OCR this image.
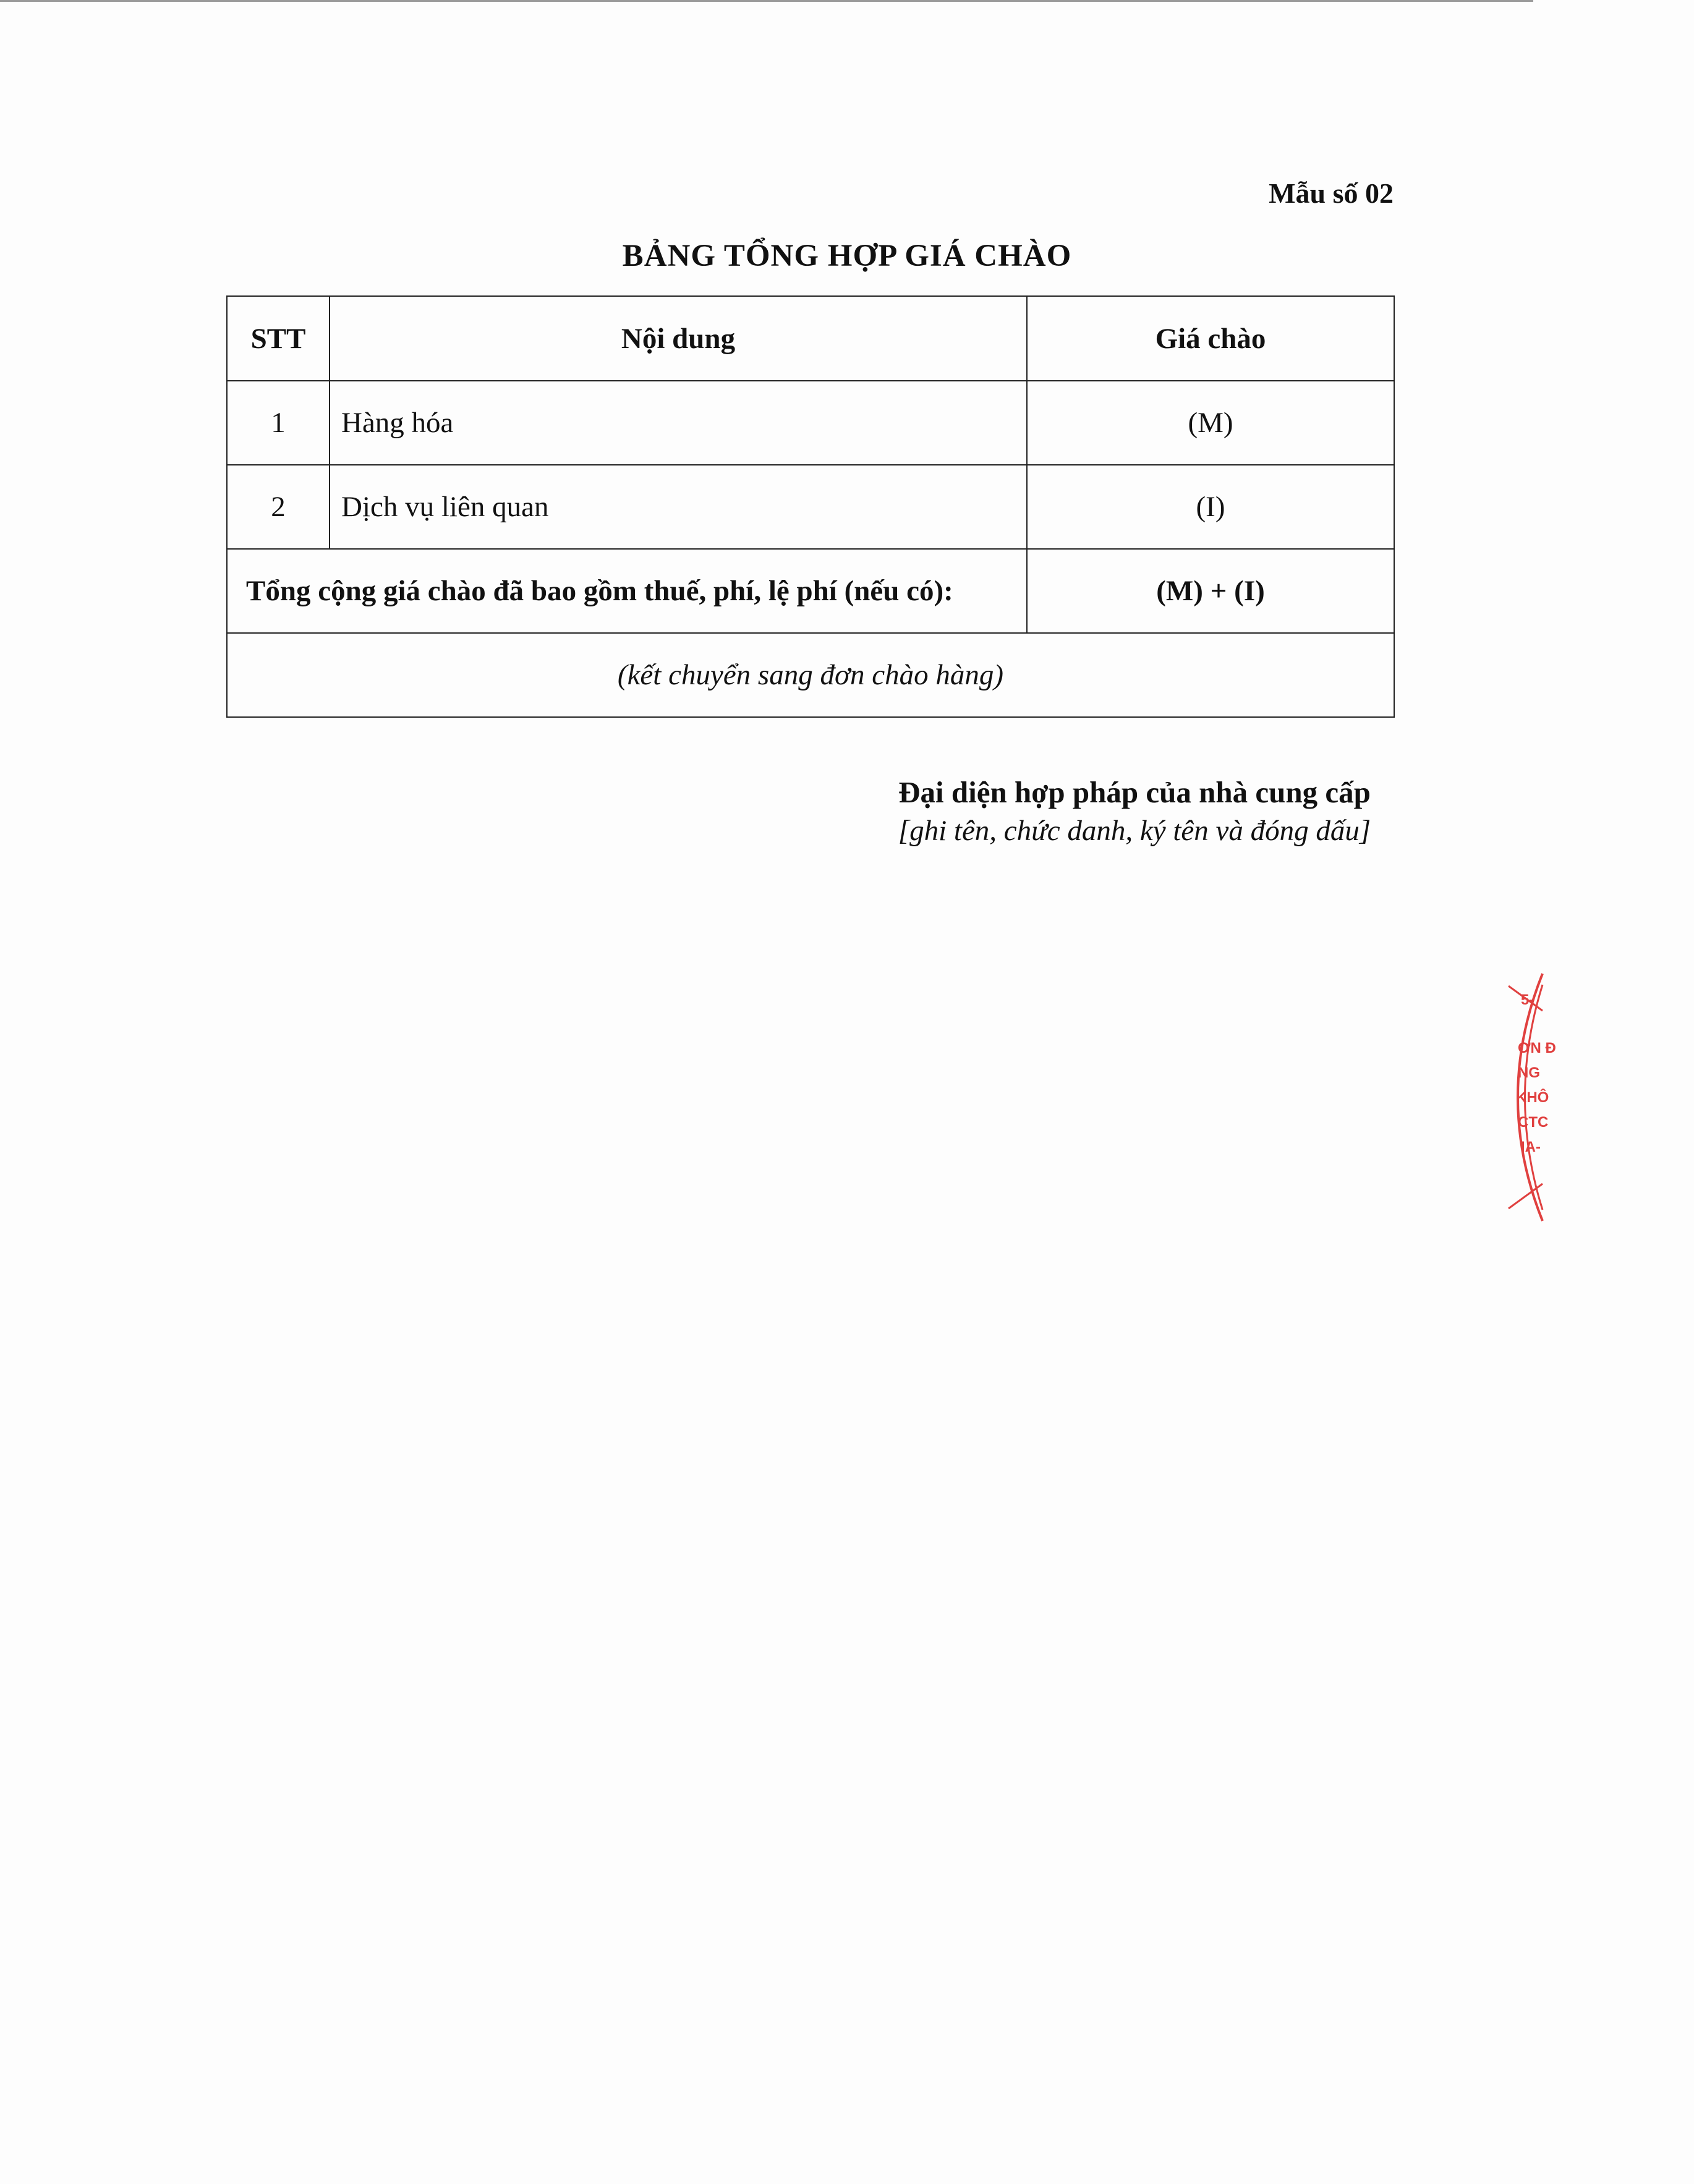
Mẫu số 02
BẢNG TỔNG HỢP GIÁ CHÀO
STT	Nội dung	Giá chào
1	Hàng hóa	(M)
2	Dịch vụ liên quan	(I)
Tổng cộng giá chào đã bao gồm thuế, phí, lệ phí (nếu có):		(M) + (I)
(kết chuyển sang đơn chào hàng)		
Đại diện hợp pháp của nhà cung cấp
[ghi tên, chức danh, ký tên và đóng dấu]
5-
ƠN Đ
NG
KHÔ
CTC
IA-
